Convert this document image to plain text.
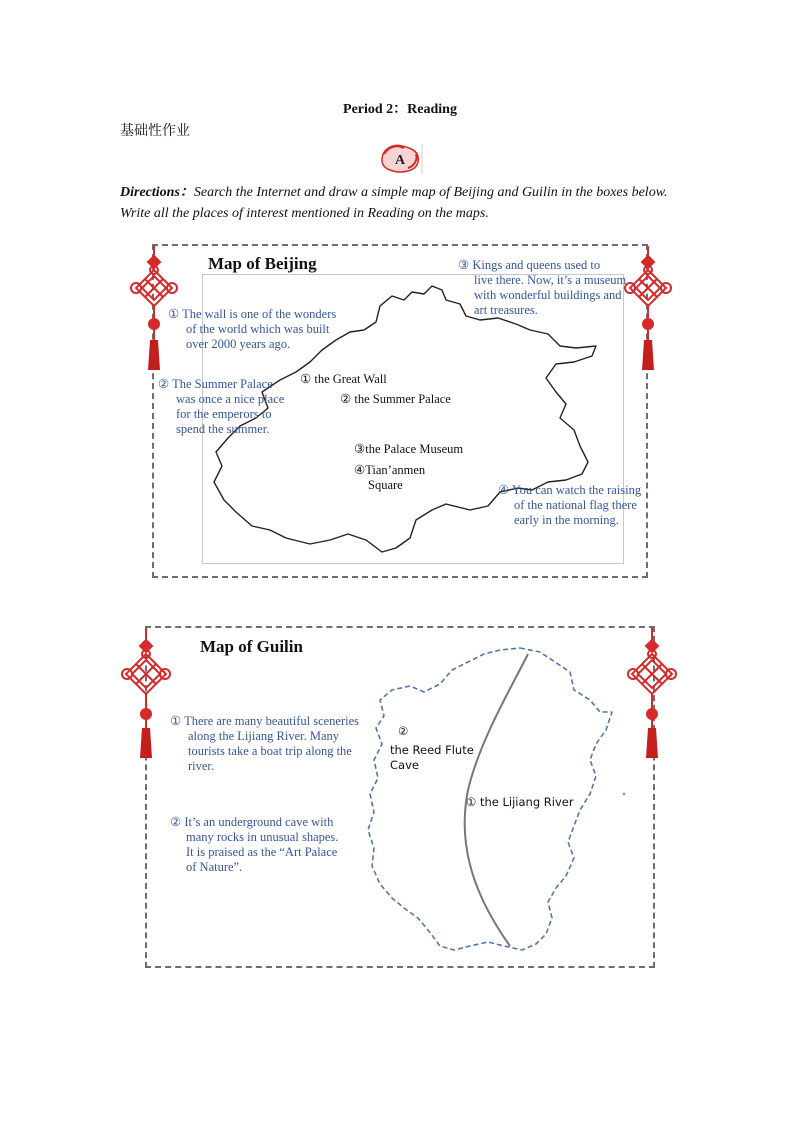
Period 2：Reading
基础性作业
A
Directions：Search the Internet and draw a simple map of Beijing and Guilin in the boxes below. Write all the places of interest mentioned in Reading on the maps.
Map of Beijing
① the Great Wall
② the Summer Palace
③the Palace Museum
④Tian’anmen
Square
① The wall is one of the wonders
of the world which was built
over 2000 years ago.
② The Summer Palace
was once a nice place
for the emperors to
spend the summer.
③ Kings and queens used to
live there. Now, it’s a museum
with wonderful buildings and
art treasures.
④ You can watch the raising
of the national flag there
early in the morning.
Map of Guilin
②
the Reed Flute
Cave
① the Lijiang River
① There are many beautiful sceneries
along the Lijiang River. Many
tourists take a boat trip along the
river.
② It’s an underground cave with
many rocks in unusual shapes.
It is praised as the “Art Palace
of Nature”.
